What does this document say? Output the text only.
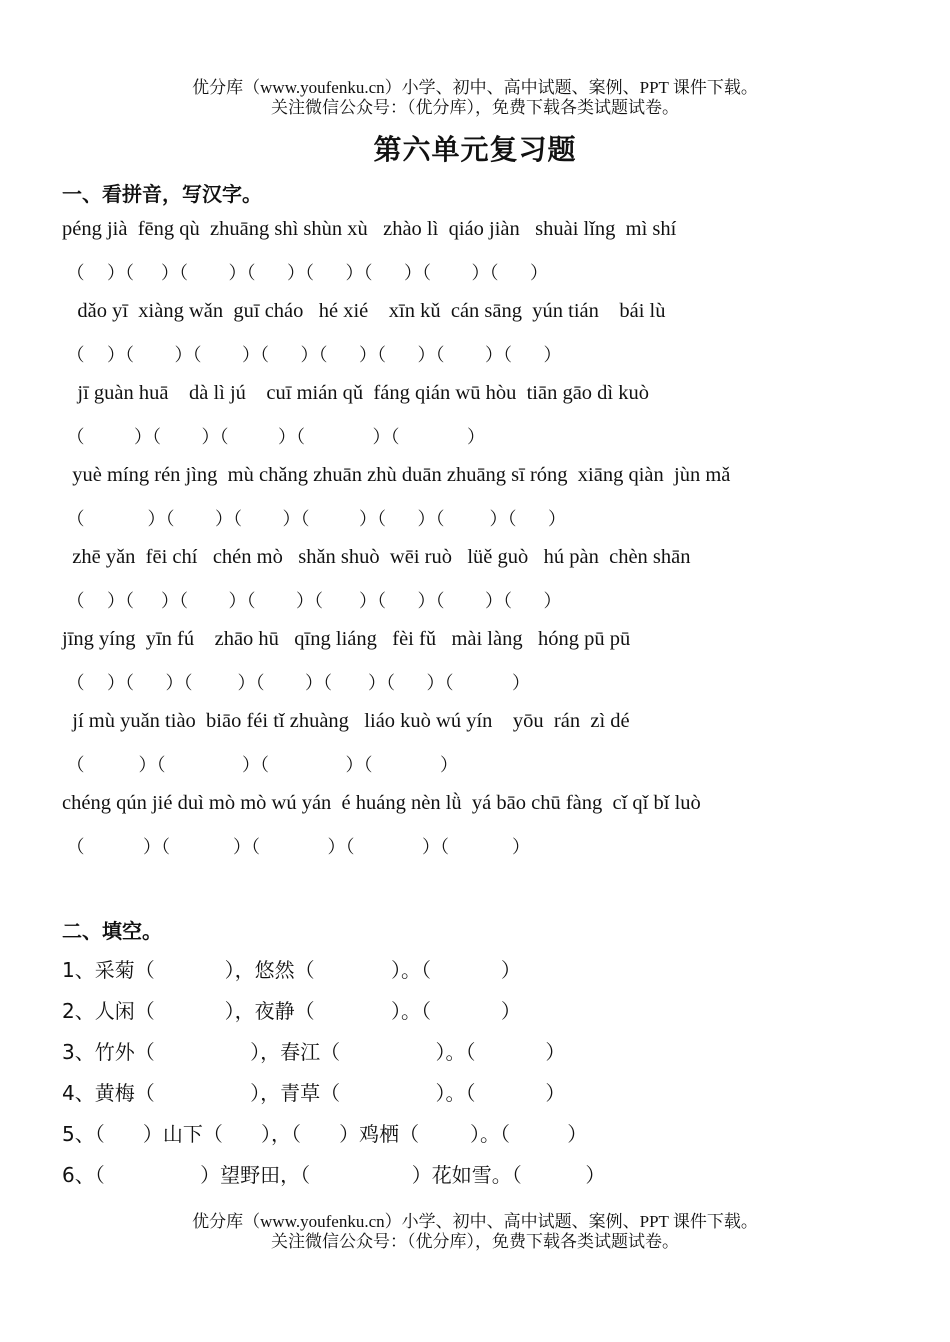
优分库（www.youfenku.cn）小学、初中、高中试题、案例、PPT 课件下载。
关注微信公众号：（优分库），免费下载各类试题试卷。
第六单元复习题
一、看拼音，写汉字。
péng jià  fēng qù  zhuāng shì shùn xù   zhào lì  qiáo jiàn   shuài lǐng  mì shí
（     ）（      ）（         ）（       ）（       ）（       ）（         ）（       ）
dǎo yī  xiàng wǎn  guī cháo   hé xié    xīn kǔ  cán sāng  yún tián    bái lù
（     ）（         ）（         ）（       ）（       ）（       ）（         ）（       ）
jī guàn huā    dà lì jú    cuī mián qǔ  fáng qián wū hòu  tiān gāo dì kuò
（           ）（         ）（           ）（               ）（               ）
yuè míng rén jìng  mù chǎng zhuān zhù duān zhuāng sī róng  xiāng qiàn  jùn mǎ
（              ）（         ）（         ）（           ）（       ）（          ）（       ）
zhē yǎn  fēi chí   chén mò   shǎn shuò  wēi ruò   lüě guò   hú pàn  chèn shān
（     ）（      ）（         ）（         ）（        ）（       ）（         ）（       ）
jīng yíng  yīn fú    zhāo hū   qīng liáng   fèi fǔ   mài làng   hóng pū pū
（     ）（       ）（          ）（         ）（        ）（       ）（             ）
jí mù yuǎn tiào  biāo féi tǐ zhuàng   liáo kuò wú yín    yōu  rán  zì dé
（            ）（                 ）（                 ）（               ）
chéng qún jié duì mò mò wú yán  é huáng nèn lǜ  yá bāo chū fàng  cǐ qǐ bǐ luò
（             ）（              ）（               ）（               ）（              ）
二、填空。
1、采菊（           ），悠然（            ）。（           ）
2、人闲（           ），夜静（            ）。（           ）
3、竹外（               ），春江（               ）。（           ）
4、黄梅（               ），青草（               ）。（           ）
5、（      ）山下（      ），（      ）鸡栖（        ）。（         ）
6、（               ）望野田，（                ）花如雪。（          ）
优分库（www.youfenku.cn）小学、初中、高中试题、案例、PPT 课件下载。
关注微信公众号：（优分库），免费下载各类试题试卷。
